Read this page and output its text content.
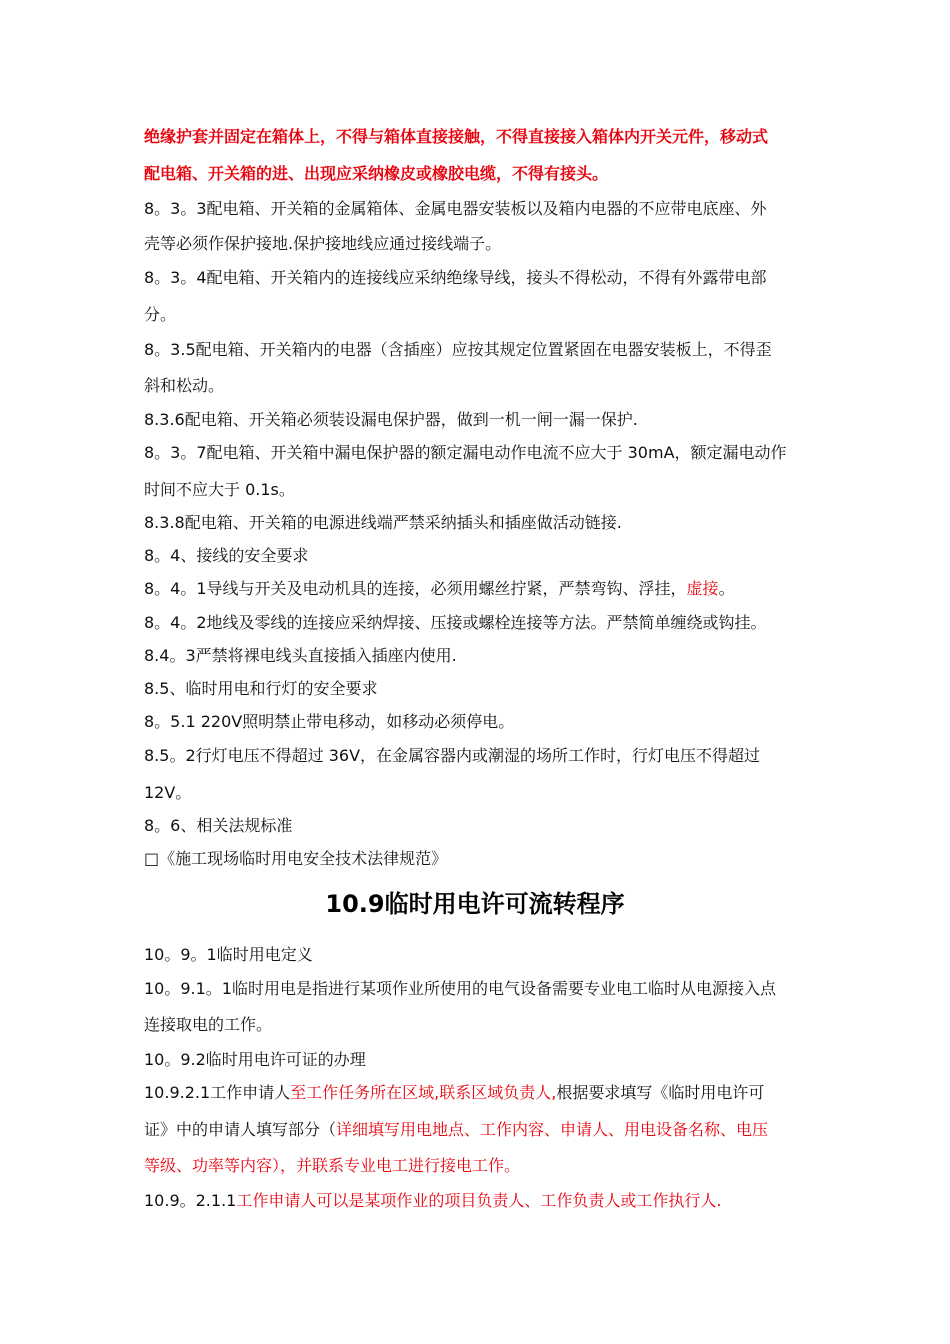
绝缘护套并固定在箱体上，不得与箱体直接接触，不得直接接入箱体内开关元件，移动式
配电箱、开关箱的进、出现应采纳橡皮或橡胶电缆，不得有接头。
8。3。3配电箱、开关箱的金属箱体、金属电器安装板以及箱内电器的不应带电底座、外
壳等必须作保护接地.保护接地线应通过接线端子。
8。3。4配电箱、开关箱内的连接线应采纳绝缘导线，接头不得松动，不得有外露带电部
分。
8。3.5配电箱、开关箱内的电器（含插座）应按其规定位置紧固在电器安装板上，不得歪
斜和松动。
8.3.6配电箱、开关箱必须装设漏电保护器，做到一机一闸一漏一保护.
8。3。7配电箱、开关箱中漏电保护器的额定漏电动作电流不应大于 30mA，额定漏电动作
时间不应大于 0.1s。
8.3.8配电箱、开关箱的电源进线端严禁采纳插头和插座做活动链接.
8。4、接线的安全要求
8。4。1导线与开关及电动机具的连接，必须用螺丝拧紧，严禁弯钩、浮挂，虚接。
8。4。2地线及零线的连接应采纳焊接、压接或螺栓连接等方法。严禁简单缠绕或钩挂。
8.4。3严禁将裸电线头直接插入插座内使用.
8.5、临时用电和行灯的安全要求
8。5.1 220V照明禁止带电移动，如移动必须停电。
8.5。2行灯电压不得超过 36V，在金属容器内或潮湿的场所工作时，行灯电压不得超过
12V。
8。6、相关法规标准
□《施工现场临时用电安全技术法律规范》
10.9临时用电许可流转程序
10。9。1临时用电定义
10。9.1。1临时用电是指进行某项作业所使用的电气设备需要专业电工临时从电源接入点
连接取电的工作。
10。9.2临时用电许可证的办理
10.9.2.1工作申请人至工作任务所在区域,联系区域负责人,根据要求填写《临时用电许可
证》中的申请人填写部分（详细填写用电地点、工作内容、申请人、用电设备名称、电压
等级、功率等内容），并联系专业电工进行接电工作。
10.9。2.1.1工作申请人可以是某项作业的项目负责人、工作负责人或工作执行人.
